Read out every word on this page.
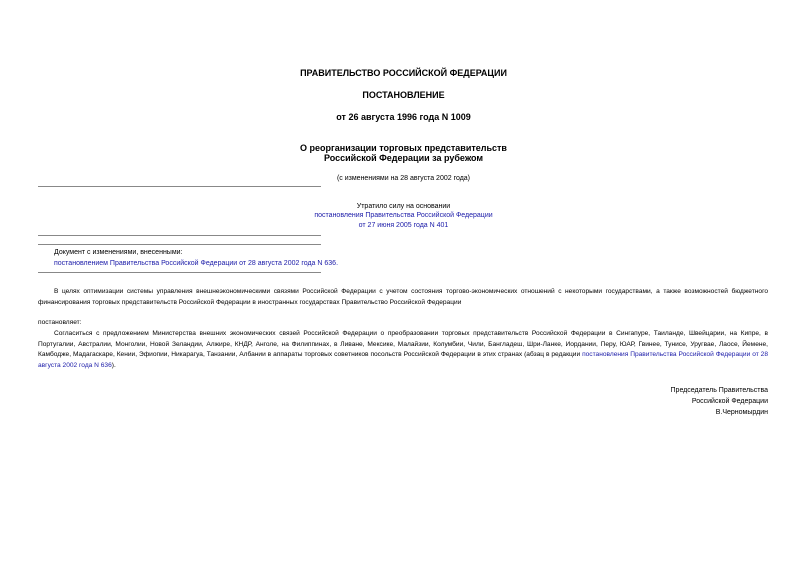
ПРАВИТЕЛЬСТВО РОССИЙСКОЙ ФЕДЕРАЦИИ
ПОСТАНОВЛЕНИЕ
от 26 августа 1996 года N 1009
О реорганизации торговых представительств
Российской Федерации за рубежом
(с изменениями на 28 августа 2002 года)
Утратило силу на основании
постановления Правительства Российской Федерации
от 27 июня 2005 года N 401
Документ с изменениями, внесенными:
постановлением Правительства Российской Федерации от 28 августа 2002 года N 636.
В целях оптимизации системы управления внешнеэкономическими связями Российской Федерации с учетом состояния торгово-экономических отношений с некоторыми государствами, а также возможностей бюджетного финансирования торговых представительств Российской Федерации в иностранных государствах Правительство Российской Федерации
постановляет:
Согласиться с предложением Министерства внешних экономических связей Российской Федерации о преобразовании торговых представительств Российской Федерации в Сингапуре, Таиланде, Швейцарии, на Кипре, в Португалии, Австралии, Монголии, Новой Зеландии, Алжире, КНДР, Анголе, на Филиппинах, в Ливане, Мексике, Малайзии, Колумбии, Чили, Бангладеш, Шри-Ланке, Иордании, Перу, ЮАР, Гвинее, Тунисе, Уругвае, Лаосе, Йемене, Камбодже, Мадагаскаре, Кении, Эфиопии, Никарагуа, Танзании, Албании в аппараты торговых советников посольств Российской Федерации в этих странах (абзац в редакции постановления Правительства Российской Федерации от 28 августа 2002 года N 636).
Председатель Правительства
Российской Федерации
В.Черномырдин
